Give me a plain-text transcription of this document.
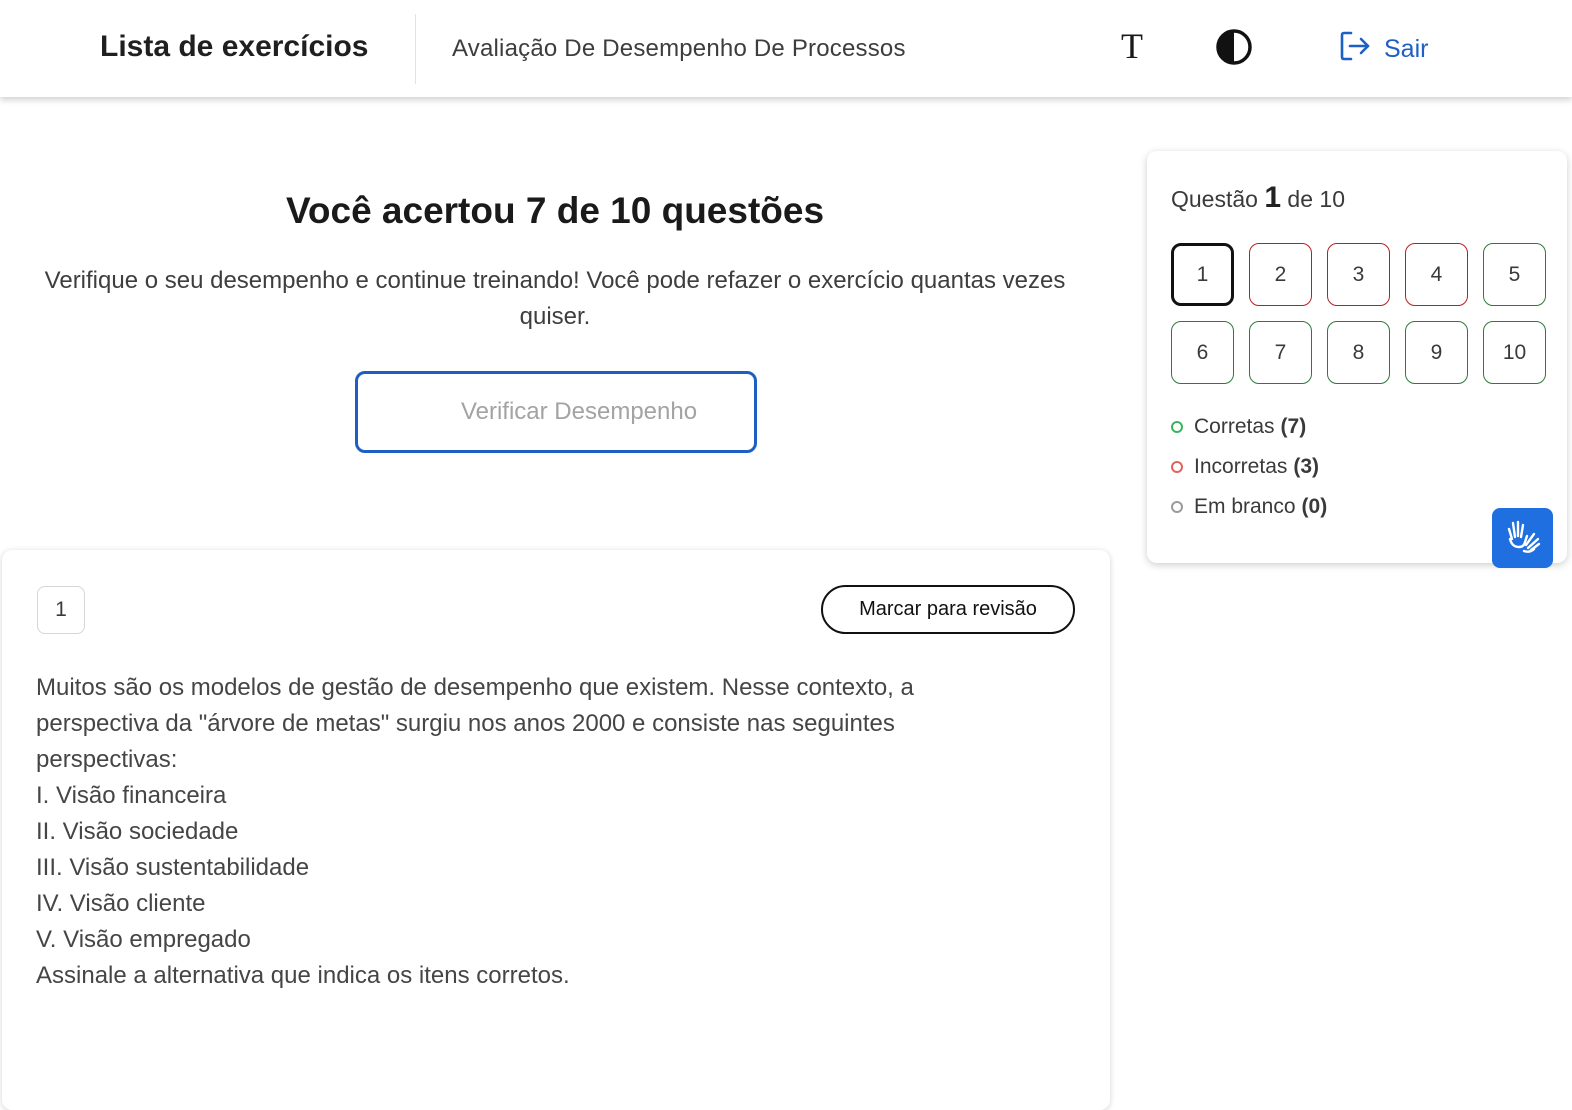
Lista de exercícios	Avaliação De Desempenho De Processos	T	Sair
Você acertou 7 de 10 questões
Verifique o seu desempenho e continue treinando! Você pode refazer o exercício quantas vezes quiser.
Verificar Desempenho
1	Marcar para revisão

Muitos são os modelos de gestão de desempenho que existem. Nesse contexto, a perspectiva da "árvore de metas" surgiu nos anos 2000 e consiste nas seguintes perspectivas:

I. Visão financeira

II. Visão sociedade

III. Visão sustentabilidade

IV. Visão cliente

V. Visão empregado

Assinale a alternativa que indica os itens corretos.

Questão 1 de 10
1	2	3	4	5
6	7	8	9	10
Corretas (7)
Incorretas (3)
Em branco (0)
